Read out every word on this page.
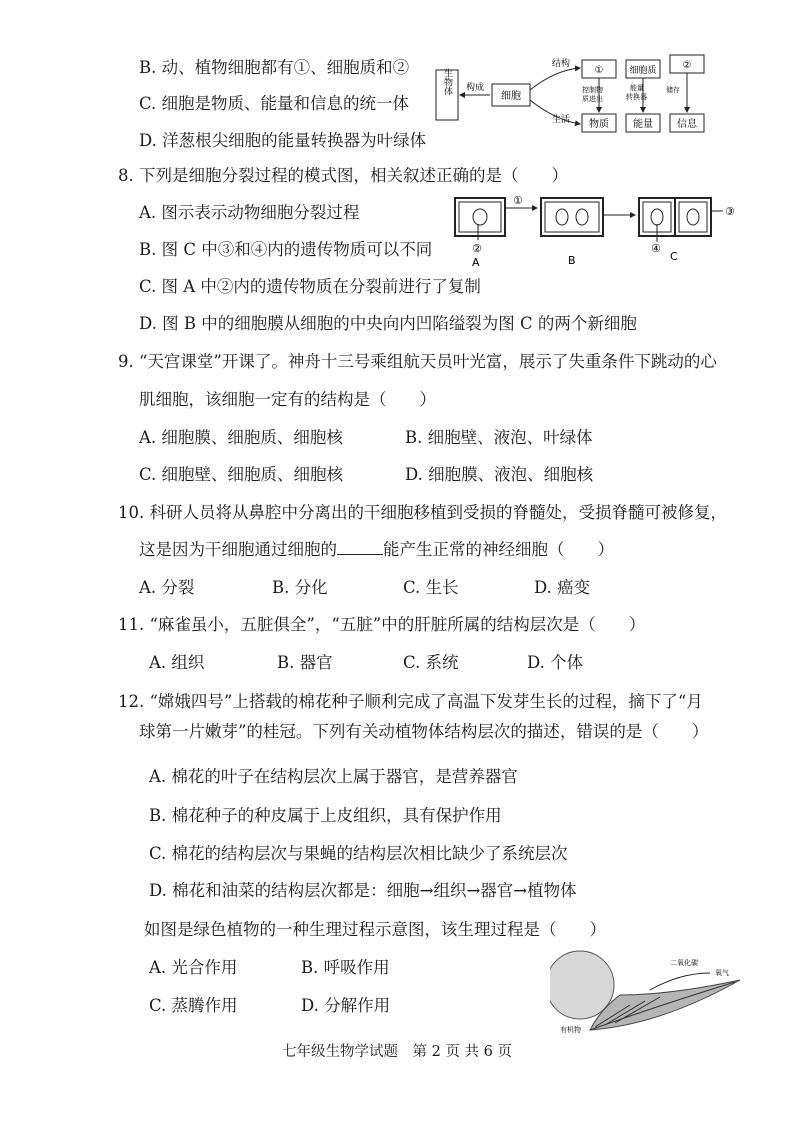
B. 动、植物细胞都有①、细胞质和②
C. 细胞是物质、能量和信息的统一体
D. 洋葱根尖细胞的能量转换器为叶绿体
生物体 构成
细胞
结构
生活
①	细胞质	②
控制物
质进出
能量
转换器
储存
物质 能量 信息
8. 下列是细胞分裂过程的模式图，相关叙述正确的是（　　）
A. 图示表示动物细胞分裂过程
B. 图 C 中③和④内的遗传物质可以不同
C. 图 A 中②内的遗传物质在分裂前进行了复制
D. 图 B 中的细胞膜从细胞的中央向内凹陷缢裂为图 C 的两个新细胞
②
A
①
B
③
④
C
9. “天宫课堂”开课了。神舟十三号乘组航天员叶光富，展示了失重条件下跳动的心
肌细胞，该细胞一定有的结构是（　　）
A. 细胞膜、细胞质、细胞核	B. 细胞壁、液泡、叶绿体
C. 细胞壁、细胞质、细胞核	D. 细胞膜、液泡、细胞核
10. 科研人员将从鼻腔中分离出的干细胞移植到受损的脊髓处，受损脊髓可被修复，
这是因为干细胞通过细胞的	能产生正常的神经细胞（　　）
A. 分裂	B. 分化	C. 生长	D. 癌变
11. “麻雀虽小，五脏俱全”，“五脏”中的肝脏所属的结构层次是（　　）
A. 组织	B. 器官	C. 系统	D. 个体
12. “嫦娥四号”上搭载的棉花种子顺利完成了高温下发芽生长的过程，摘下了“月
球第一片嫩芽”的桂冠。下列有关动植物体结构层次的描述，错误的是（　　）
A. 棉花的叶子在结构层次上属于器官，是营养器官
B. 棉花种子的种皮属于上皮组织，具有保护作用
C. 棉花的结构层次与果蝇的结构层次相比缺少了系统层次
D. 棉花和油菜的结构层次都是：细胞→组织→器官→植物体
如图是绿色植物的一种生理过程示意图，该生理过程是（　　）
A. 光合作用	B. 呼吸作用
C. 蒸腾作用	D. 分解作用
二氧化碳
氧气
有机物
七年级生物学试题　第 2 页 共 6 页
